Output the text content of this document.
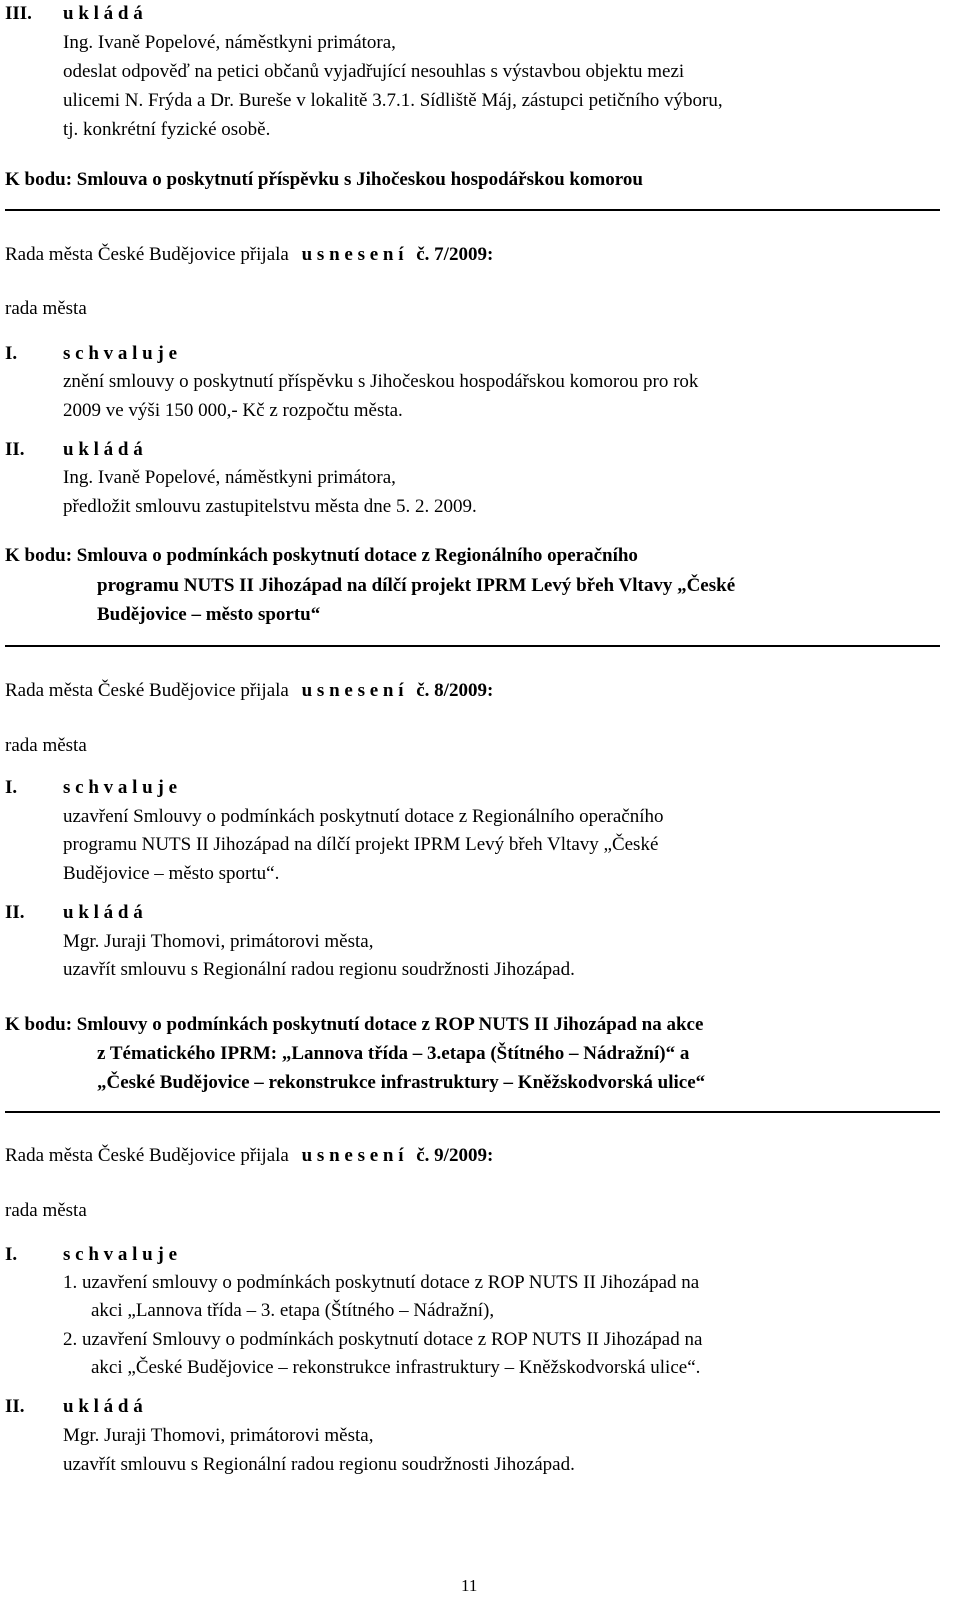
III. u k l á d á
Ing. Ivaně Popelové, náměstkyni primátora,
odeslat odpověď na petici občanů vyjadřující nesouhlas s výstavbou objektu mezi
ulicemi N. Frýda a Dr. Bureše v lokalitě 3.7.1. Sídliště Máj, zástupci petičního výboru,
tj. konkrétní fyzické osobě.
K bodu: Smlouva o poskytnutí příspěvku s Jihočeskou hospodářskou komorou
Rada města České Budějovice přijala u s n e s e n í č. 7/2009:
rada města
I. s c h v a l u j e
znění smlouvy o poskytnutí příspěvku s Jihočeskou hospodářskou komorou pro rok
2009 ve výši 150 000,- Kč z rozpočtu města.
II. u k l á d á
Ing. Ivaně Popelové, náměstkyni primátora,
předložit smlouvu zastupitelstvu města dne 5. 2. 2009.
K bodu: Smlouva o podmínkách poskytnutí dotace z Regionálního operačního
programu NUTS II Jihozápad na dílčí projekt IPRM Levý břeh Vltavy „České
Budějovice – město sportu“
Rada města České Budějovice přijala u s n e s e n í č. 8/2009:
rada města
I. s c h v a l u j e
uzavření Smlouvy o podmínkách poskytnutí dotace z Regionálního operačního
programu NUTS II Jihozápad na dílčí projekt IPRM Levý břeh Vltavy „České
Budějovice – město sportu“.
II. u k l á d á
Mgr. Juraji Thomovi, primátorovi města,
uzavřít smlouvu s Regionální radou regionu soudržnosti Jihozápad.
K bodu: Smlouvy o podmínkách poskytnutí dotace z ROP NUTS II Jihozápad na akce
z Tématického IPRM: „Lannova třída – 3.etapa (Štítného – Nádražní)“ a
„České Budějovice – rekonstrukce infrastruktury – Kněžskodvorská ulice“
Rada města České Budějovice přijala u s n e s e n í č. 9/2009:
rada města
I. s c h v a l u j e
1. uzavření smlouvy o podmínkách poskytnutí dotace z ROP NUTS II Jihozápad na
akci „Lannova třída – 3. etapa (Štítného – Nádražní),
2. uzavření Smlouvy o podmínkách poskytnutí dotace z ROP NUTS II Jihozápad na
akci „České Budějovice – rekonstrukce infrastruktury – Kněžskodvorská ulice“.
II. u k l á d á
Mgr. Juraji Thomovi, primátorovi města,
uzavřít smlouvu s Regionální radou regionu soudržnosti Jihozápad.
11
